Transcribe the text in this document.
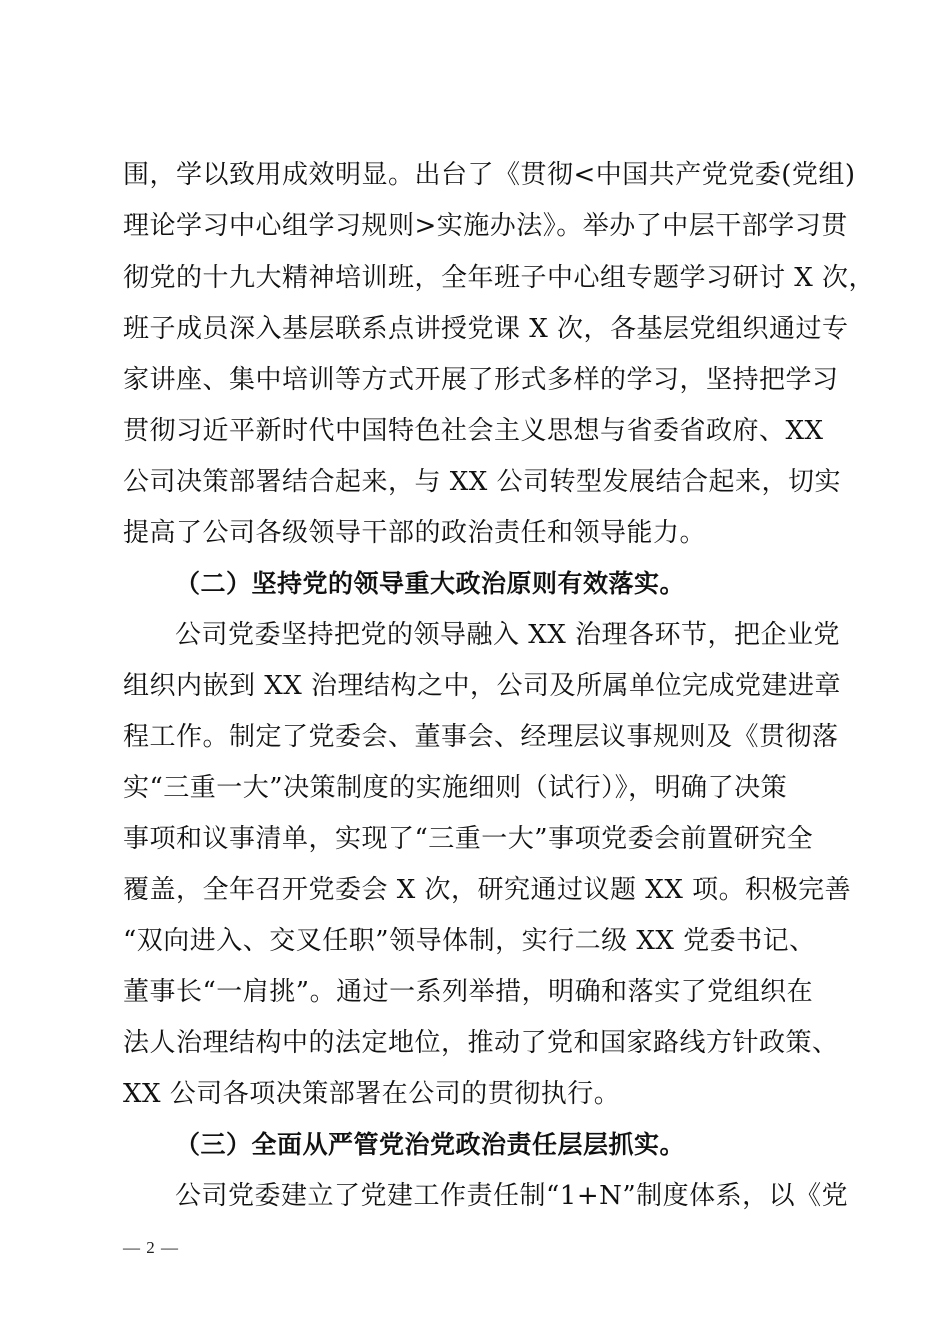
围，学以致用成效明显。出台了《贯彻<中国共产党党委(党组)
理论学习中心组学习规则>实施办法》。举办了中层干部学习贯
彻党的十九大精神培训班，全年班子中心组专题学习研讨 X 次，
班子成员深入基层联系点讲授党课 X 次，各基层党组织通过专
家讲座、集中培训等方式开展了形式多样的学习，坚持把学习
贯彻习近平新时代中国特色社会主义思想与省委省政府、XX
公司决策部署结合起来，与 XX 公司转型发展结合起来，切实
提高了公司各级领导干部的政治责任和领导能力。
（二）坚持党的领导重大政治原则有效落实。
公司党委坚持把党的领导融入 XX 治理各环节，把企业党
组织内嵌到 XX 治理结构之中，公司及所属单位完成党建进章
程工作。制定了党委会、董事会、经理层议事规则及《贯彻落
实“三重一大”决策制度的实施细则（试行）》，明确了决策
事项和议事清单，实现了“三重一大”事项党委会前置研究全
覆盖，全年召开党委会 X 次，研究通过议题 XX 项。积极完善
“双向进入、交叉任职”领导体制，实行二级 XX 党委书记、
董事长“一肩挑”。通过一系列举措，明确和落实了党组织在
法人治理结构中的法定地位，推动了党和国家路线方针政策、
XX 公司各项决策部署在公司的贯彻执行。
（三）全面从严管党治党政治责任层层抓实。
公司党委建立了党建工作责任制“1+N”制度体系，以《党
— 2 —
